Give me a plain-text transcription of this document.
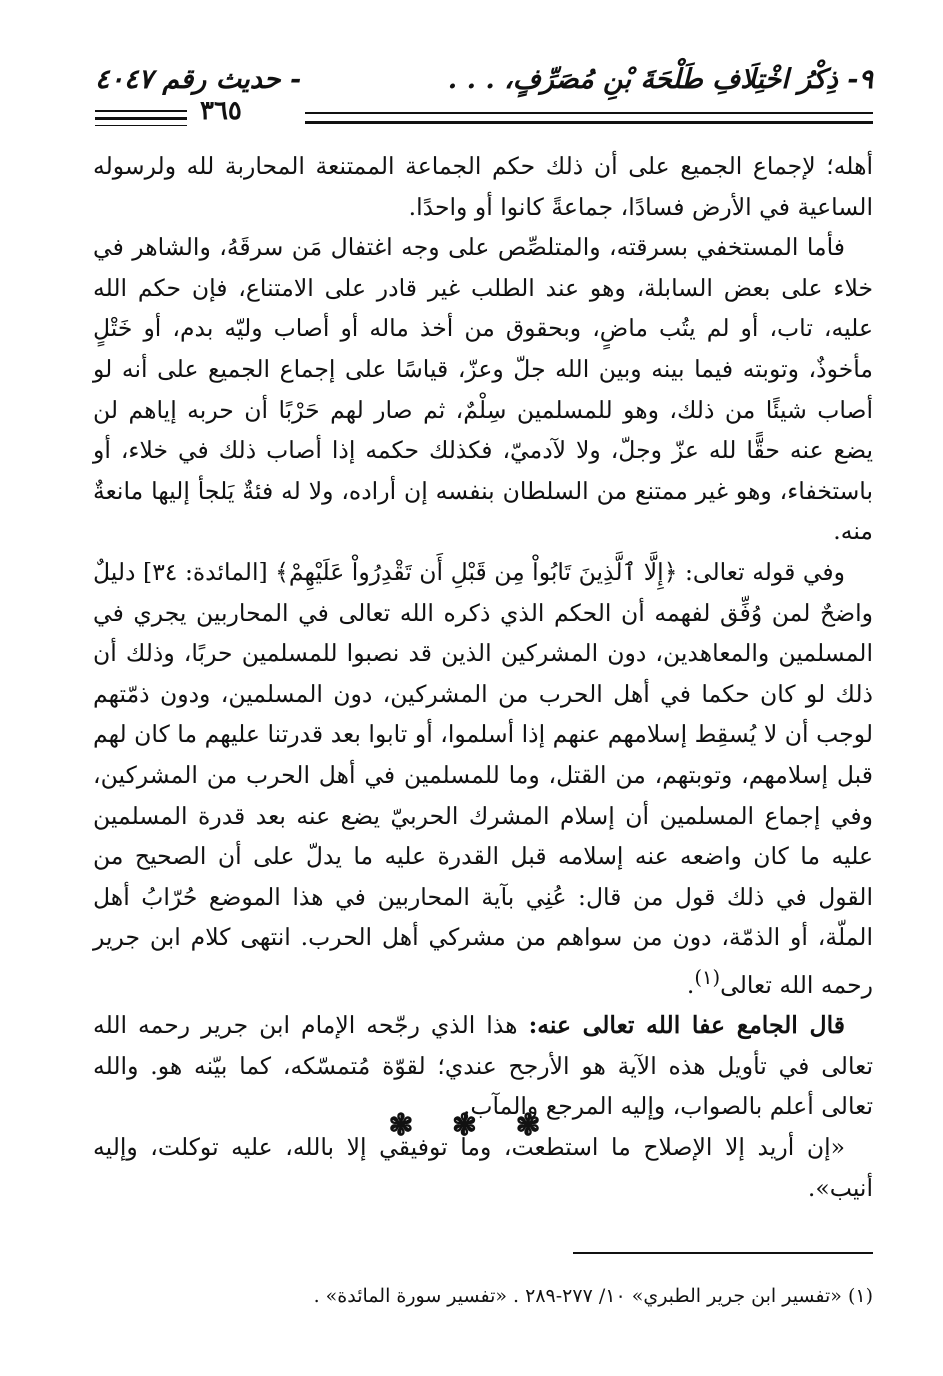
٩- ذِكْرُ اخْتِلَافِ طَلْحَةَ بْنِ مُصَرِّفٍ، . . .
- حديث رقم ٤٠٤٧
٣٦٥

أهله؛ لإجماع الجميع على أن ذلك حكم الجماعة الممتنعة المحاربة لله ولرسوله الساعية في الأرض فسادًا، جماعةً كانوا أو واحدًا.

فأما المستخفي بسرقته، والمتلصِّص على وجه اغتفال مَن سرقَهُ، والشاهر في خلاء على بعض السابلة، وهو عند الطلب غير قادر على الامتناع، فإن حكم الله عليه، تاب، أو لم يتُب ماضٍ، وبحقوق من أخذ ماله أو أصاب وليّه بدم، أو خَتْلٍ مأخوذٌ، وتوبته فيما بينه وبين الله جلّ وعزّ، قياسًا على إجماع الجميع على أنه لو أصاب شيئًا من ذلك، وهو للمسلمين سِلْمٌ، ثم صار لهم حَرْبًا أن حربه إياهم لن يضع عنه حقًّا لله عزّ وجلّ، ولا لآدميّ، فكذلك حكمه إذا أصاب ذلك في خلاء، أو باستخفاء، وهو غير ممتنع من السلطان بنفسه إن أراده، ولا له فئةٌ يَلجأ إليها مانعةٌ منه.

وفي قوله تعالى: ﴿إِلَّا ٱلَّذِينَ تَابُواْ مِن قَبْلِ أَن تَقْدِرُواْ عَلَيْهِمْ﴾ [المائدة: ٣٤] دليلٌ واضحٌ لمن وُفِّق لفهمه أن الحكم الذي ذكره الله تعالى في المحاربين يجري في المسلمين والمعاهدين، دون المشركين الذين قد نصبوا للمسلمين حربًا، وذلك أن ذلك لو كان حكما في أهل الحرب من المشركين، دون المسلمين، ودون ذمّتهم لوجب أن لا يُسقِط إسلامهم عنهم إذا أسلموا، أو تابوا بعد قدرتنا عليهم ما كان لهم قبل إسلامهم، وتوبتهم، من القتل، وما للمسلمين في أهل الحرب من المشركين، وفي إجماع المسلمين أن إسلام المشرك الحربيّ يضع عنه بعد قدرة المسلمين عليه ما كان واضعه عنه إسلامه قبل القدرة عليه ما يدلّ على أن الصحيح من القول في ذلك قول من قال: عُنِي بآية المحاربين في هذا الموضع حُرّابُ أهل الملّة، أو الذمّة، دون من سواهم من مشركي أهل الحرب. انتهى كلام ابن جرير رحمه الله تعالى$^{(١)}$.

قال الجامع عفا الله تعالى عنه: هذا الذي رجّحه الإمام ابن جرير رحمه الله تعالى في تأويل هذه الآية هو الأرجح عندي؛ لقوّة مُتمسّكه، كما بيّنه هو. والله تعالى أعلم بالصواب، وإليه المرجع والمآب.

«إن أريد إلا الإصلاح ما استطعت، وما توفيقي إلا بالله، عليه توكلت، وإليه أنيب».

❃ ❃ ❃
(١) «تفسير ابن جرير الطبري» ١٠/ ٢٧٧-٢٨٩ . «تفسير سورة المائدة» .
